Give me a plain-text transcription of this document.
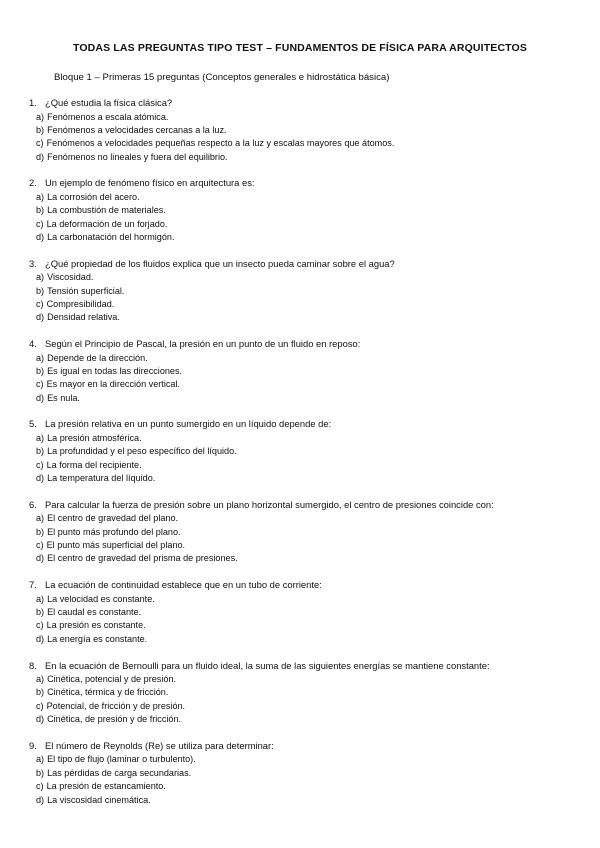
TODAS LAS PREGUNTAS TIPO TEST – FUNDAMENTOS DE FÍSICA PARA ARQUITECTOS
Bloque 1 – Primeras 15 preguntas (Conceptos generales e hidrostática básica)
1. ¿Qué estudia la física clásica?
a) Fenómenos a escala atómica.
b) Fenómenos a velocidades cercanas a la luz.
c) Fenómenos a velocidades pequeñas respecto a la luz y escalas mayores que átomos.
d) Fenómenos no lineales y fuera del equilibrio.
2. Un ejemplo de fenómeno físico en arquitectura es:
a) La corrosión del acero.
b) La combustión de materiales.
c) La deformación de un forjado.
d) La carbonatación del hormigón.
3. ¿Qué propiedad de los fluidos explica que un insecto pueda caminar sobre el agua?
a) Viscosidad.
b) Tensión superficial.
c) Compresibilidad.
d) Densidad relativa.
4. Según el Principio de Pascal, la presión en un punto de un fluido en reposo:
a) Depende de la dirección.
b) Es igual en todas las direcciones.
c) Es mayor en la dirección vertical.
d) Es nula.
5. La presión relativa en un punto sumergido en un líquido depende de:
a) La presión atmosférica.
b) La profundidad y el peso específico del líquido.
c) La forma del recipiente.
d) La temperatura del líquido.
6. Para calcular la fuerza de presión sobre un plano horizontal sumergido, el centro de presiones coincide con:
a) El centro de gravedad del plano.
b) El punto más profundo del plano.
c) El punto más superficial del plano.
d) El centro de gravedad del prisma de presiones.
7. La ecuación de continuidad establece que en un tubo de corriente:
a) La velocidad es constante.
b) El caudal es constante.
c) La presión es constante.
d) La energía es constante.
8. En la ecuación de Bernoulli para un fluido ideal, la suma de las siguientes energías se mantiene constante:
a) Cinética, potencial y de presión.
b) Cinética, térmica y de fricción.
c) Potencial, de fricción y de presión.
d) Cinética, de presión y de fricción.
9. El número de Reynolds (Re) se utiliza para determinar:
a) El tipo de flujo (laminar o turbulento).
b) Las pérdidas de carga secundarias.
c) La presión de estancamiento.
d) La viscosidad cinemática.
